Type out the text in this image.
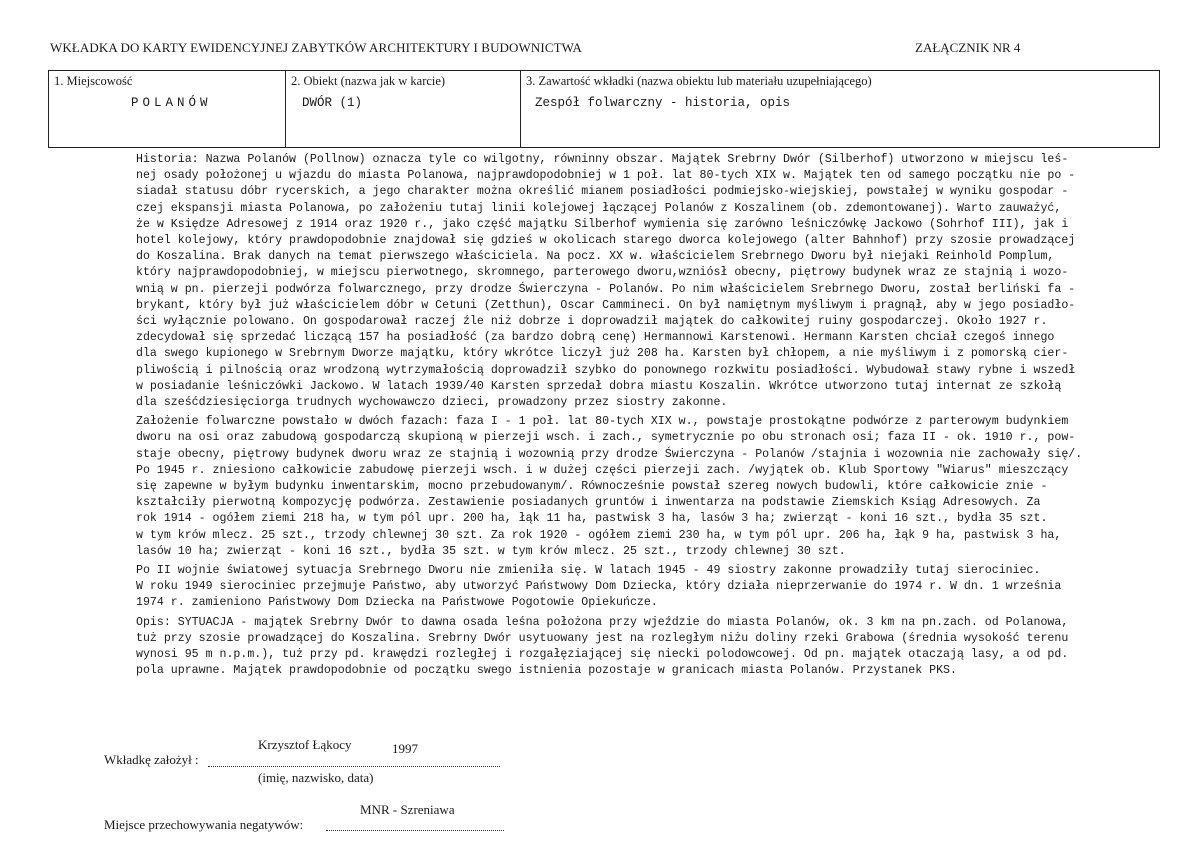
WKŁADKA DO KARTY EWIDENCYJNEJ ZABYTKÓW ARCHITEKTURY I BUDOWNICTWA	ZAŁĄCZNIK NR 4
1. Miejscowość
POLANÓW
2. Obiekt (nazwa jak w karcie)
DWÓR (1)
3. Zawartość wkładki (nazwa obiektu lub materiału uzupełniającego)
Zespół folwarczny - historia, opis
Historia: Nazwa Polanów (Pollnow) oznacza tyle co wilgotny, równinny obszar. Majątek Srebrny Dwór (Silberhof) utworzono w miejscu leś-
nej osady położonej u wjazdu do miasta Polanowa, najprawdopodobniej w 1 poł. lat 80-tych XIX w. Majątek ten od samego początku nie po -
siadał statusu dóbr rycerskich, a jego charakter można określić mianem posiadłości podmiejsko-wiejskiej, powstałej w wyniku gospodar -
czej ekspansji miasta Polanowa, po założeniu tutaj linii kolejowej łączącej Polanów z Koszalinem (ob. zdemontowanej). Warto zauważyć,
że w Księdze Adresowej z 1914 oraz 1920 r., jako część majątku Silberhof wymienia się zarówno leśniczówkę Jackowo (Sohrhof III), jak i
hotel kolejowy, który prawdopodobnie znajdował się gdzieś w okolicach starego dworca kolejowego (alter Bahnhof) przy szosie prowadzącej
do Koszalina. Brak danych na temat pierwszego właściciela. Na pocz. XX w. właścicielem Srebrnego Dworu był niejaki Reinhold Pomplum,
który najprawdopodobniej, w miejscu pierwotnego, skromnego, parterowego dworu,wzniósł obecny, piętrowy budynek wraz ze stajnią i wozo-
wnią w pn. pierzeji podwórza folwarcznego, przy drodze Świerczyna - Polanów. Po nim właścicielem Srebrnego Dworu, został berliński fa -
brykant, który był już właścicielem dóbr w Cetuni (Zetthun), Oscar Cammineci. On był namiętnym myśliwym i pragnął, aby w jego posiadło-
ści wyłącznie polowano. On gospodarował raczej źle niż dobrze i doprowadził majątek do całkowitej ruiny gospodarczej. Około 1927 r.
zdecydował się sprzedać liczącą 157 ha posiadłość (za bardzo dobrą cenę) Hermannowi Karstenowi. Hermann Karsten chciał czegoś innego
dla swego kupionego w Srebrnym Dworze majątku, który wkrótce liczył już 208 ha. Karsten był chłopem, a nie myśliwym i z pomorską cier-
pliwością i pilnością oraz wrodzoną wytrzymałością doprowadził szybko do ponownego rozkwitu posiadłości. Wybudował stawy rybne i wszedł
w posiadanie leśniczówki Jackowo. W latach 1939/40 Karsten sprzedał dobra miastu Koszalin. Wkrótce utworzono tutaj internat ze szkołą
dla sześćdziesięciorga trudnych wychowawczo dzieci, prowadzony przez siostry zakonne.
Założenie folwarczne powstało w dwóch fazach: faza I - 1 poł. lat 80-tych XIX w., powstaje prostokątne podwórze z parterowym budynkiem
dworu na osi oraz zabudową gospodarczą skupioną w pierzeji wsch. i zach., symetrycznie po obu stronach osi; faza II - ok. 1910 r., pow-
staje obecny, piętrowy budynek dworu wraz ze stajnią i wozownią przy drodze Świerczyna - Polanów /stajnia i wozownia nie zachowały się/.
Po 1945 r. zniesiono całkowicie zabudowę pierzeji wsch. i w dużej części pierzeji zach. /wyjątek ob. Klub Sportowy "Wiarus" mieszczący
się zapewne w byłym budynku inwentarskim, mocno przebudowanym/. Równocześnie powstał szereg nowych budowli, które całkowicie znie -
kształciły pierwotną kompozycję podwórza. Zestawienie posiadanych gruntów i inwentarza na podstawie Ziemskich Ksiąg Adresowych. Za
rok 1914 - ogółem ziemi 218 ha, w tym pól upr. 200 ha, łąk 11 ha, pastwisk 3 ha, lasów 3 ha; zwierząt - koni 16 szt., bydła 35 szt.
w tym krów mlecz. 25 szt., trzody chlewnej 30 szt. Za rok 1920 - ogółem ziemi 230 ha, w tym pól upr. 206 ha, łąk 9 ha, pastwisk 3 ha,
lasów 10 ha; zwierząt - koni 16 szt., bydła 35 szt. w tym krów mlecz. 25 szt., trzody chlewnej 30 szt.
Po II wojnie światowej sytuacja Srebrnego Dworu nie zmieniła się. W latach 1945 - 49 siostry zakonne prowadziły tutaj sierociniec.
W roku 1949 sierociniec przejmuje Państwo, aby utworzyć Państwowy Dom Dziecka, który działa nieprzerwanie do 1974 r. W dn. 1 września
1974 r. zamieniono Państwowy Dom Dziecka na Państwowe Pogotowie Opiekuńcze.
Opis: SYTUACJA - majątek Srebrny Dwór to dawna osada leśna położona przy wjeździe do miasta Polanów, ok. 3 km na pn.zach. od Polanowa,
tuż przy szosie prowadzącej do Koszalina. Srebrny Dwór usytuowany jest na rozległym niżu doliny rzeki Grabowa (średnia wysokość terenu
wynosi 95 m n.p.m.), tuż przy pd. krawędzi rozległej i rozgałęziającej się niecki polodowcowej. Od pn. majątek otaczają lasy, a od pd.
pola uprawne. Majątek prawdopodobnie od początku swego istnienia pozostaje w granicach miasta Polanów. Przystanek PKS.
Krzysztof Łąkocy	1997
Wkładkę założył :
(imię, nazwisko, data)
MNR - Szreniawa
Miejsce przechowywania negatywów:
